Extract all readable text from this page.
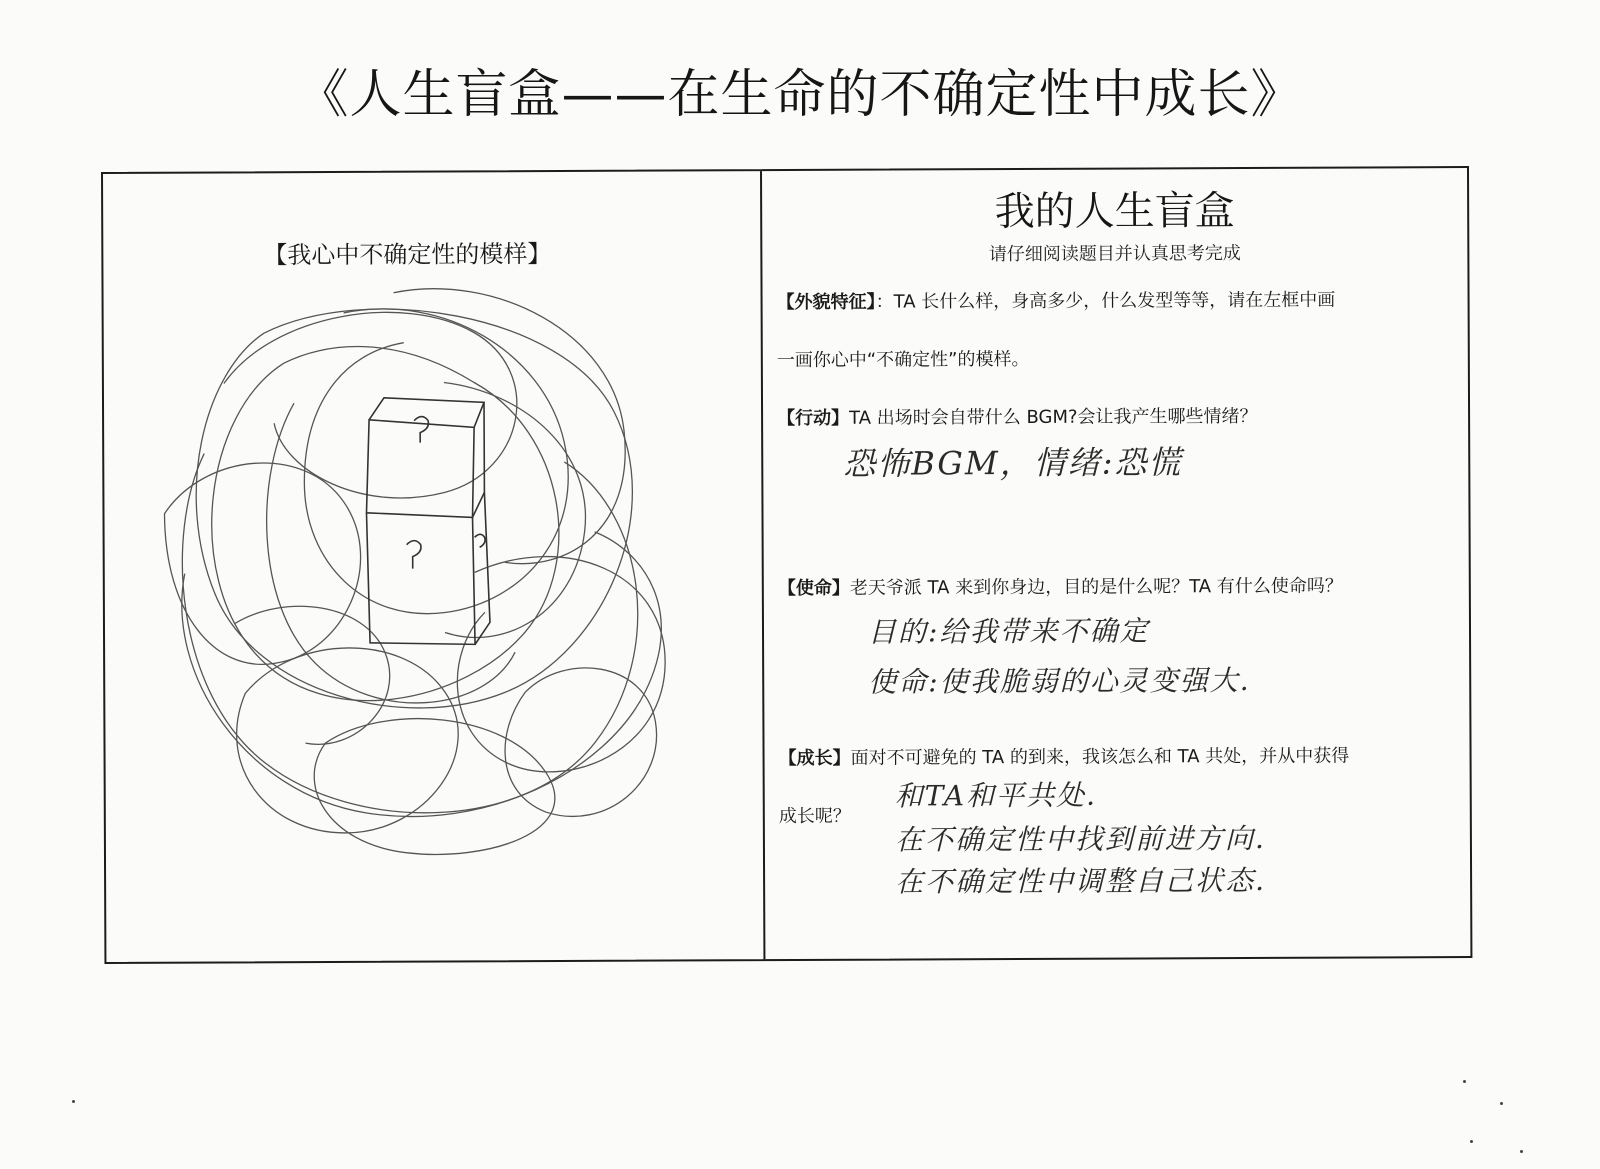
《人生盲盒——在生命的不确定性中成长》
【我心中不确定性的模样】
我的人生盲盒
请仔细阅读题目并认真思考完成
【外貌特征】：TA 长什么样，身高多少，什么发型等等，请在左框中画
一画你心中“不确定性”的模样。
【行动】TA 出场时会自带什么 BGM?会让我产生哪些情绪？
恐怖BGM，情绪:恐慌
【使命】老天爷派 TA 来到你身边，目的是什么呢？TA 有什么使命吗？
目的:给我带来不确定
使命:使我脆弱的心灵变强大.
【成长】面对不可避免的 TA 的到来，我该怎么和 TA 共处，并从中获得
成长呢？
和TA和平共处.
在不确定性中找到前进方向.
在不确定性中调整自己状态.
